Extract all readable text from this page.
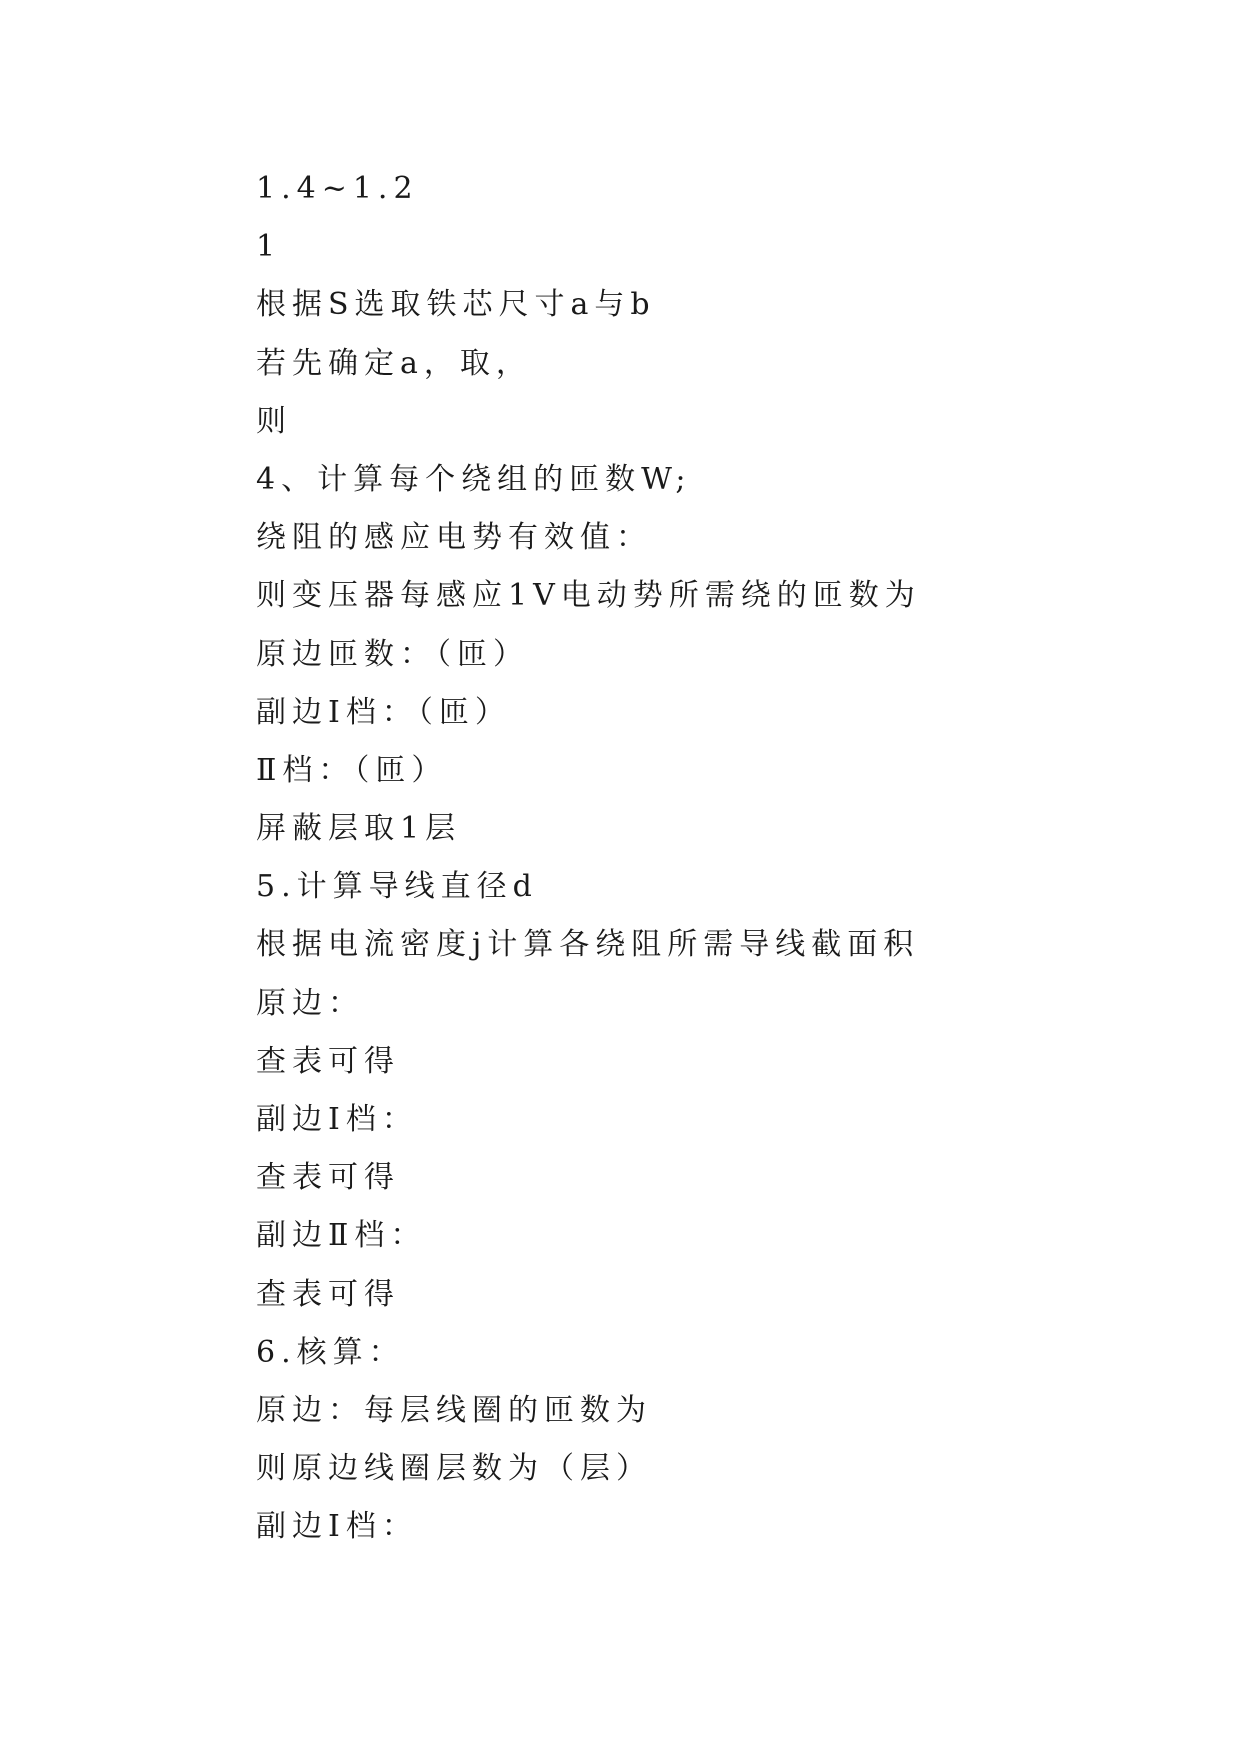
1.4~1.2
1
根据S选取铁芯尺寸a与b
若先确定a，取，
则
4、计算每个绕组的匝数W;
绕阻的感应电势有效值：
则变压器每感应1V电动势所需绕的匝数为
原边匝数：（匝）
副边Ⅰ档：（匝）
Ⅱ档：（匝）
屏蔽层取1层
5.计算导线直径d
根据电流密度j计算各绕阻所需导线截面积
原边：
查表可得
副边Ⅰ档：
查表可得
副边Ⅱ档：
查表可得
6.核算：
原边：每层线圈的匝数为
则原边线圈层数为（层）
副边Ⅰ档：
